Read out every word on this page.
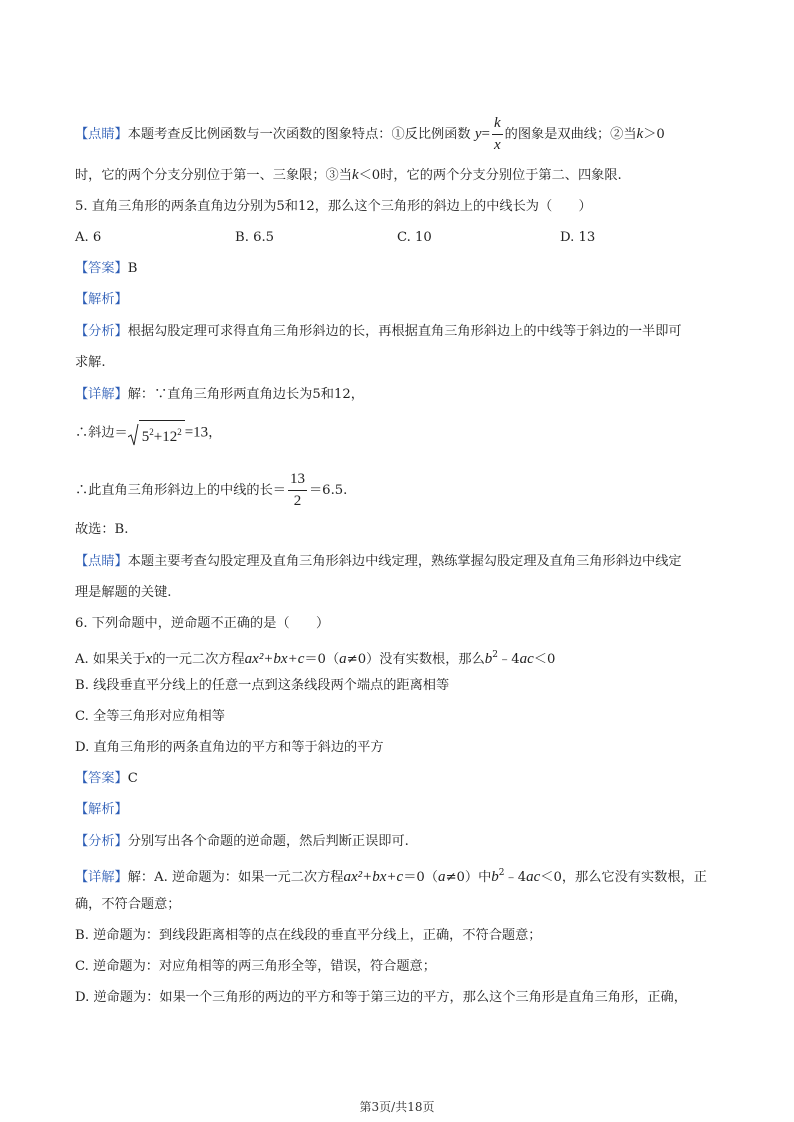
【点睛】本题考查反比例函数与一次函数的图象特点：①反比例函数 $y= \frac{k}{x}$ 的图象是双曲线；②当k＞0
时，它的两个分支分别位于第一、三象限；③当k＜0时，它的两个分支分别位于第二、四象限.
5. 直角三角形的两条直角边分别为5和12，那么这个三角形的斜边上的中线长为（　　）
A. 6	B. 6.5	C. 10	D. 13
【答案】B
【解析】
【分析】根据勾股定理可求得直角三角形斜边的长，再根据直角三角形斜边上的中线等于斜边的一半即可
求解.
【详解】解：∵直角三角形两直角边长为5和12，
∴斜边＝ $5^2+12^2 =13$，
∴此直角三角形斜边上的中线的长＝ $\frac{13}{2} =6.5$.
故选：B.
【点睛】本题主要考查勾股定理及直角三角形斜边中线定理，熟练掌握勾股定理及直角三角形斜边中线定
理是解题的关键.
6. 下列命题中，逆命题不正确的是（　　）
A. 如果关于x的一元二次方程ax²+bx+c＝0（a≠0）没有实数根，那么$b^2﹣4ac<0$
B. 线段垂直平分线上的任意一点到这条线段两个端点的距离相等
C. 全等三角形对应角相等
D. 直角三角形的两条直角边的平方和等于斜边的平方
【答案】C
【解析】
【分析】分别写出各个命题的逆命题，然后判断正误即可.
【详解】解：A. 逆命题为：如果一元二次方程ax²+bx+c＝0（a≠0）中$b^2﹣4ac<0$，那么它没有实数根，正
确，不符合题意；
B. 逆命题为：到线段距离相等的点在线段的垂直平分线上，正确，不符合题意；
C. 逆命题为：对应角相等的两三角形全等，错误，符合题意；
D. 逆命题为：如果一个三角形的两边的平方和等于第三边的平方，那么这个三角形是直角三角形，正确，
第3页/共18页
